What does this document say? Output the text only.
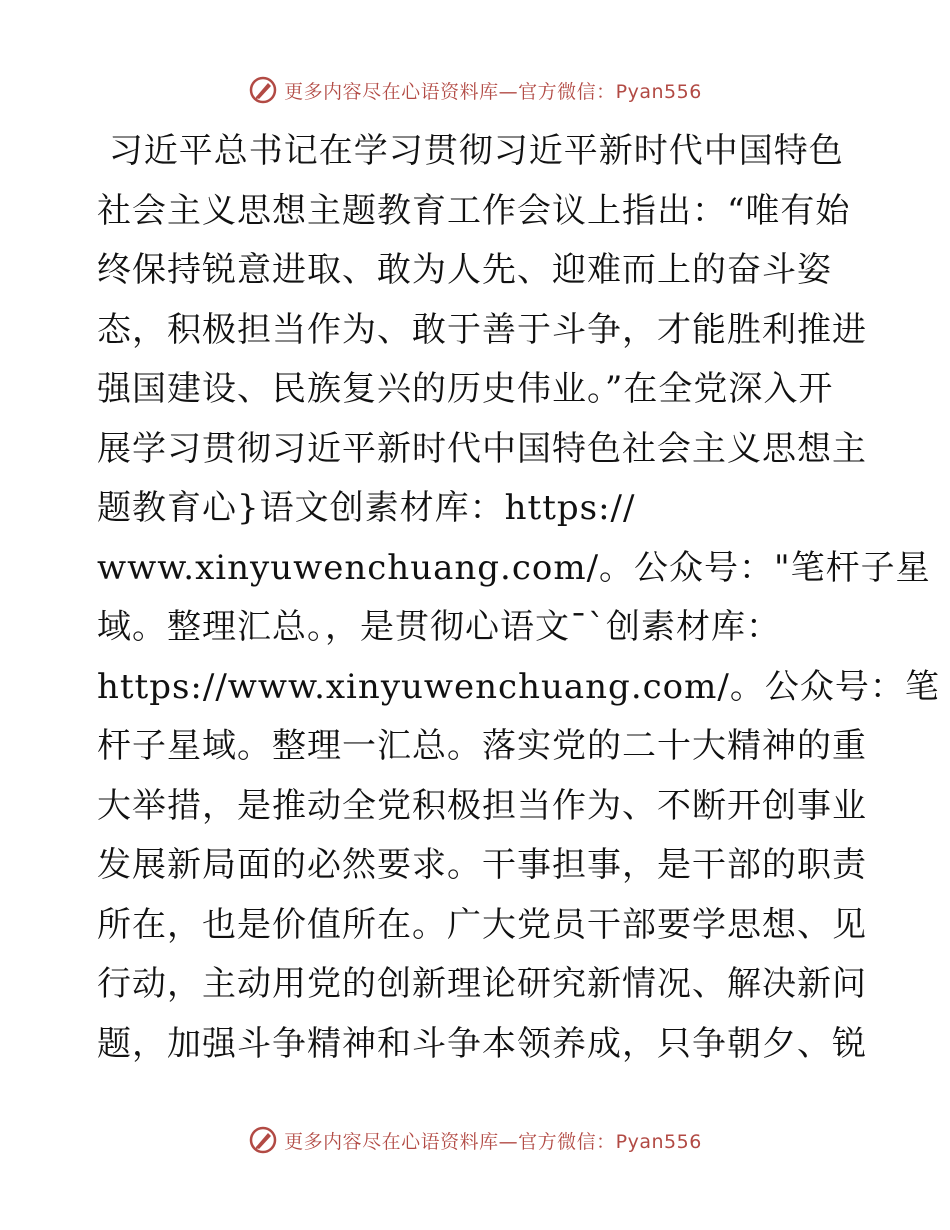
更多内容尽在心语资料库—官方微信：Pyan556
习近平总书记在学习贯彻习近平新时代中国特色
社会主义思想主题教育工作会议上指出：“唯有始
终保持锐意进取、敢为人先、迎难而上的奋斗姿
态，积极担当作为、敢于善于斗争，才能胜利推进
强国建设、民族复兴的历史伟业。”在全党深入开
展学习贯彻习近平新时代中国特色社会主义思想主
题教育心}语文创素材库：https://
www.xinyuwenchuang.com/。公众号："笔杆子星
域。整理汇总。，是贯彻心语文¯`创素材库：
https://www.xinyuwenchuang.com/。公众号：笔
杆子星域。整理一汇总。落实党的二十大精神的重
大举措，是推动全党积极担当作为、不断开创事业
发展新局面的必然要求。干事担事，是干部的职责
所在，也是价值所在。广大党员干部要学思想、见
行动，主动用党的创新理论研究新情况、解决新问
题，加强斗争精神和斗争本领养成，只争朝夕、锐
更多内容尽在心语资料库—官方微信：Pyan556
